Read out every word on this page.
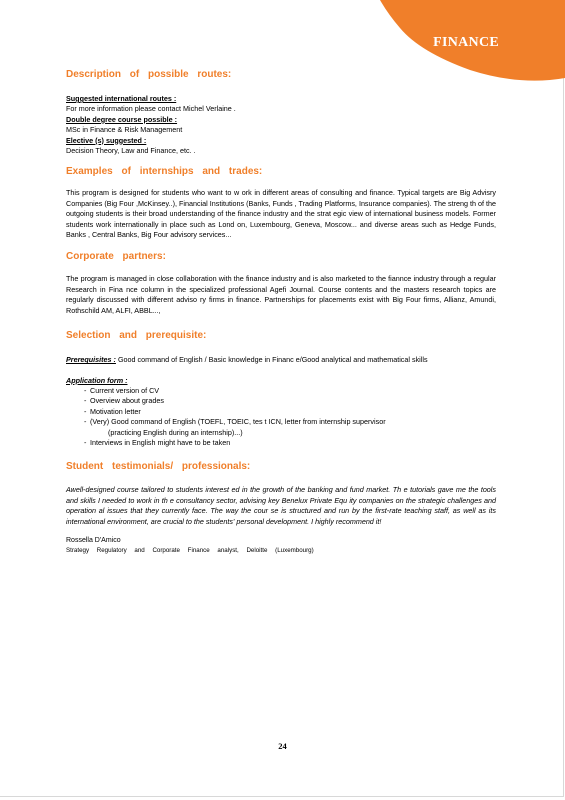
FINANCE

Description of possible routes:

Suggested international routes :

For more information please contact Michel Verlaine .

Double degree course possible :

MSc in Finance & Risk Management

Elective (s) suggested :

Decision Theory, Law and Finance, etc. .

Examples of internships and trades:

This program is designed for students who want to w ork in different areas of consulting and finance. Typical targets are Big Advisry Companies (Big Four ,McKinsey..), Financial Institutions (Banks, Funds , Trading Platforms, Insurance companies). The streng th of the outgoing students is their broad understanding of the finance industry and the strat egic view of international business models. Former students work internationally in place such as Lond on, Luxembourg, Geneva, Moscow... and diverse areas such as Hedge Funds, Banks , Central Banks, Big Four advisory services...

Corporate partners:

The program is managed in close collaboration with the finance industry and is also marketed to the fiannce industry through a regular Research in Fina nce column in the specialized professional Agefi Journal. Course contents and the masters research topics are regularly discussed with different adviso ry firms in finance. Partnerships for placements exist with Big Four firms, Allianz, Amundi, Rothschild AM, ALFI, ABBL...,

Selection and prerequisite:

Prerequisites : Good command of English / Basic knowledge in Financ e/Good analytical and mathematical skills

Application form :

- Current version of CV
- Overview about grades
- Motivation letter
- (Very) Good command of English (TOEFL, TOEIC, tes t ICN, letter from internship supervisor
(practicing English during an internship)...)
- Interviews in English might have to be taken

Student testimonials/ professionals:

Awell-designed course tailored to students interest ed in the growth of the banking and fund market. Th e tutorials gave me the tools and skills I needed to work in th e consultancy sector, advising key Benelux Private Equ ity companies on the strategic challenges and operation al issues that they currently face. The way the cour se is structured and run by the first-rate teaching staff, as well as its international environment, are crucial to the students' personal development. I highly recommend it!

Rossella D'Amico

Strategy Regulatory and Corporate Finance analyst, Deloitte (Luxembourg)

24
